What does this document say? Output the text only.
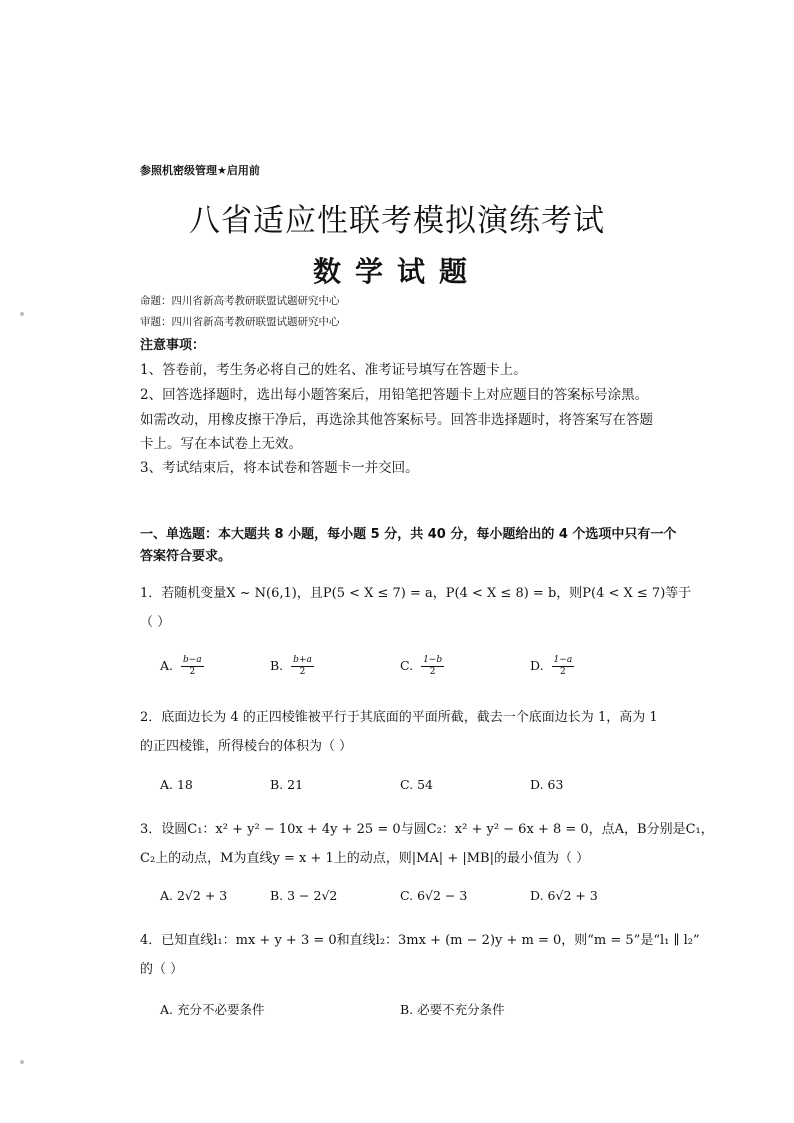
参照机密级管理★启用前
八省适应性联考模拟演练考试
数学试题
命题：四川省新高考教研联盟试题研究中心
审题：四川省新高考教研联盟试题研究中心
注意事项：
1、答卷前，考生务必将自己的姓名、准考证号填写在答题卡上。
2、回答选择题时，选出每小题答案后，用铅笔把答题卡上对应题目的答案标号涂黑。
如需改动，用橡皮擦干净后，再选涂其他答案标号。回答非选择题时，将答案写在答题
卡上。写在本试卷上无效。
3、考试结束后，将本试卷和答题卡一并交回。
一、单选题：本大题共 8 小题，每小题 5 分，共 40 分，每小题给出的 4 个选项中只有一个
答案符合要求。
1．若随机变量X ~ N(6,1)，且P(5 < X ≤ 7) = a，P(4 < X ≤ 8) = b，则P(4 < X ≤ 7)等于
（ ）
A. $\frac{b-a}{2}$	B. $\frac{b+a}{2}$	C. $\frac{1-b}{2}$	D. $\frac{1-a}{2}$
2．底面边长为 4 的正四棱锥被平行于其底面的平面所截，截去一个底面边长为 1，高为 1
的正四棱锥，所得棱台的体积为（ ）
A. 18	B. 21	C. 54	D. 63
3．设圆C₁：x² + y² − 10x + 4y + 25 = 0与圆C₂：x² + y² − 6x + 8 = 0，点A，B分别是C₁，
C₂上的动点，M为直线y = x + 1上的动点，则|MA| + |MB|的最小值为（ ）
A. 2√2 + 3	B. 3 − 2√2	C. 6√2 − 3	D. 6√2 + 3
4．已知直线l₁：mx + y + 3 = 0和直线l₂：3mx + (m − 2)y + m = 0，则“m = 5”是“l₁ ∥ l₂”
的（ ）
A. 充分不必要条件	B. 必要不充分条件
